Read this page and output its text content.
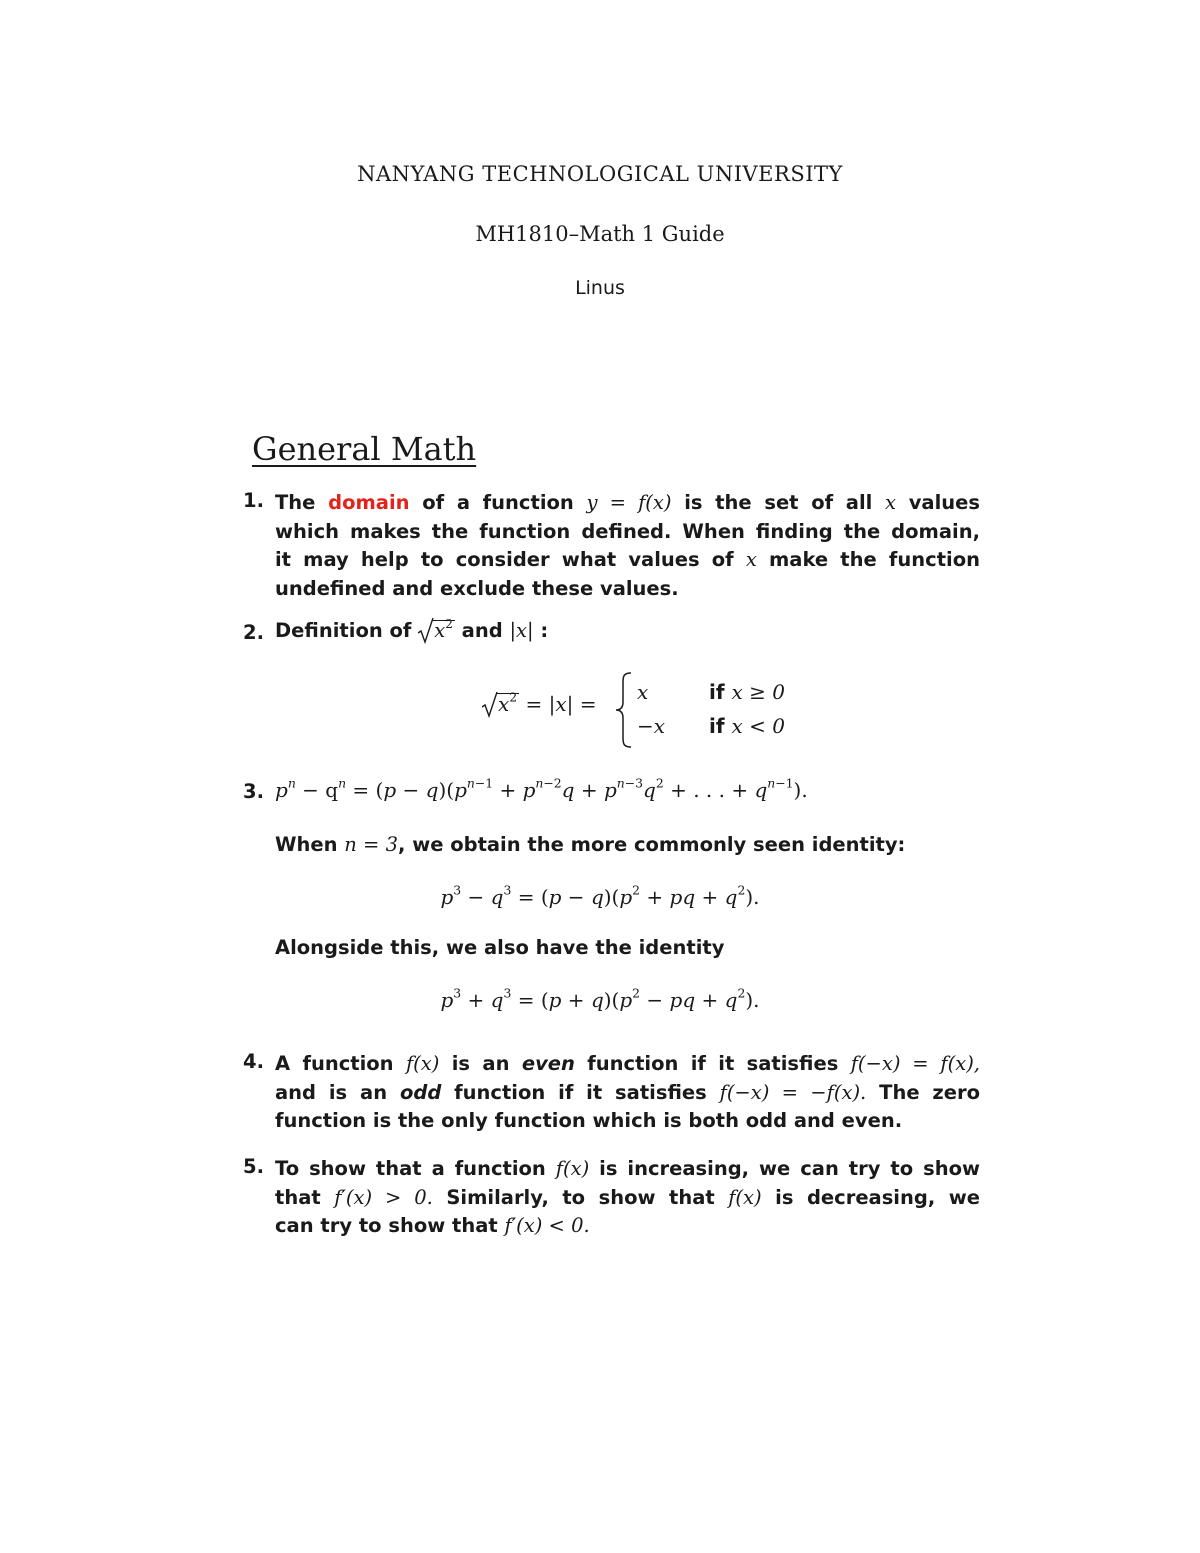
NANYANG TECHNOLOGICAL UNIVERSITY
MH1810–Math 1 Guide
Linus
General Math
1. The domain of a function y = f(x) is the set of all x values
which makes the function defined. When finding the domain,
it may help to consider what values of x make the function
undefined and exclude these values.
2. Definition of
$x^2$ and |x| :
$x^2 = |x| = x$	if x ≥ 0
−x if x < 0
3. $p^n - q^n = (p - q)(p^{n-1} + p^{n-2}q + p^{n-3}q^2$ + . . . + $q^{n-1}$).
When n = 3, we obtain the more commonly seen identity:
$p^3 - q^3 = (p - q)(p^2$ + pq + $q^2$).
Alongside this, we also have the identity
$p^3 + q^3 = (p + q)(p^2$ − pq + $q^2$).
4. A function f(x) is an even function if it satisfies f(−x) = f(x),
and is an odd function if it satisfies f(−x) = −f(x). The zero
function is the only function which is both odd and even.
5. To show that a function f(x) is increasing, we can try to show
that f′(x) > 0. Similarly, to show that f(x) is decreasing, we
can try to show that f′(x) < 0.
